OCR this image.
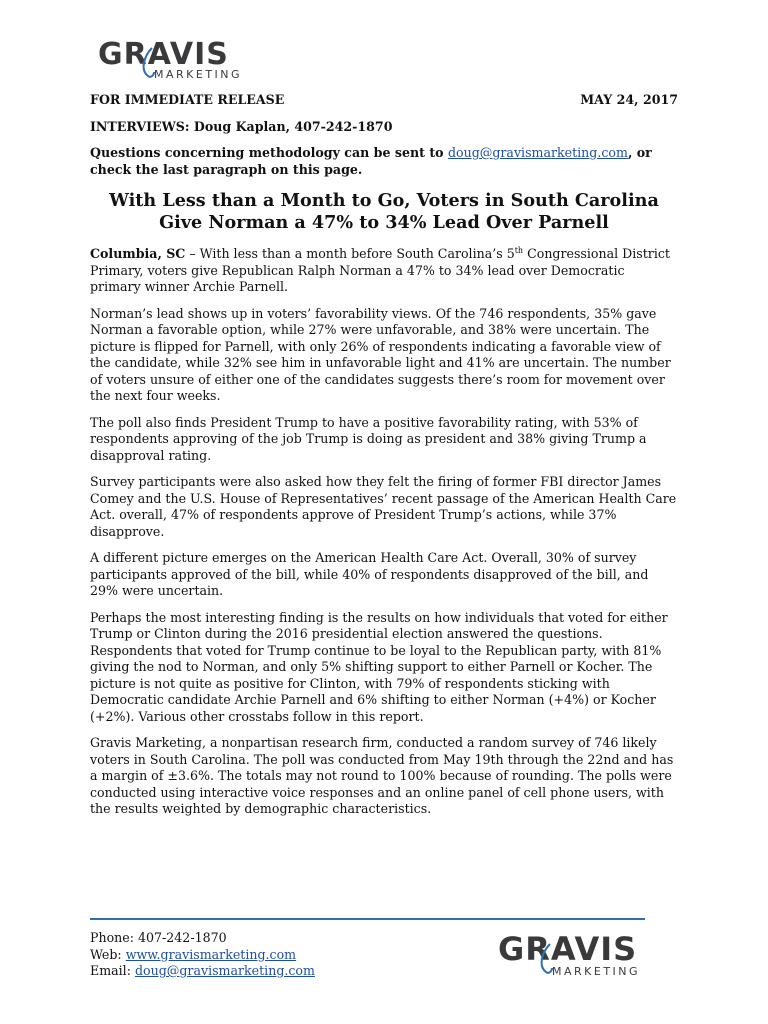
GRAVIS
MARKETING
FOR IMMEDIATE RELEASE	MAY 24, 2017
INTERVIEWS: Doug Kaplan, 407-242-1870
Questions concerning methodology can be sent to doug@gravismarketing.com, or
check the last paragraph on this page.
With Less than a Month to Go, Voters in South Carolina
Give Norman a 47% to 34% Lead Over Parnell

Columbia, SC – With less than a month before South Carolina’s 5th Congressional District Primary, voters give Republican Ralph Norman a 47% to 34% lead over Democratic primary winner Archie Parnell.

Norman’s lead shows up in voters’ favorability views. Of the 746 respondents, 35% gave Norman a favorable option, while 27% were unfavorable, and 38% were uncertain. The picture is flipped for Parnell, with only 26% of respondents indicating a favorable view of the candidate, while 32% see him in unfavorable light and 41% are uncertain. The number of voters unsure of either one of the candidates suggests there’s room for movement over the next four weeks.

The poll also finds President Trump to have a positive favorability rating, with 53% of respondents approving of the job Trump is doing as president and 38% giving Trump a disapproval rating.

Survey participants were also asked how they felt the firing of former FBI director James Comey and the U.S. House of Representatives’ recent passage of the American Health Care Act. overall, 47% of respondents approve of President Trump’s actions, while 37% disapprove.

A different picture emerges on the American Health Care Act. Overall, 30% of survey participants approved of the bill, while 40% of respondents disapproved of the bill, and 29% were uncertain.

Perhaps the most interesting finding is the results on how individuals that voted for either Trump or Clinton during the 2016 presidential election answered the questions. Respondents that voted for Trump continue to be loyal to the Republican party, with 81% giving the nod to Norman, and only 5% shifting support to either Parnell or Kocher. The picture is not quite as positive for Clinton, with 79% of respondents sticking with Democratic candidate Archie Parnell and 6% shifting to either Norman (+4%) or Kocher (+2%). Various other crosstabs follow in this report.

Gravis Marketing, a nonpartisan research firm, conducted a random survey of 746 likely voters in South Carolina. The poll was conducted from May 19th through the 22nd and has a margin of ±3.6%. The totals may not round to 100% because of rounding. The polls were conducted using interactive voice responses and an online panel of cell phone users, with the results weighted by demographic characteristics.

Phone: 407-242-1870
Web: www.gravismarketing.com
Email: doug@gravismarketing.com
GRAVIS
MARKETING
